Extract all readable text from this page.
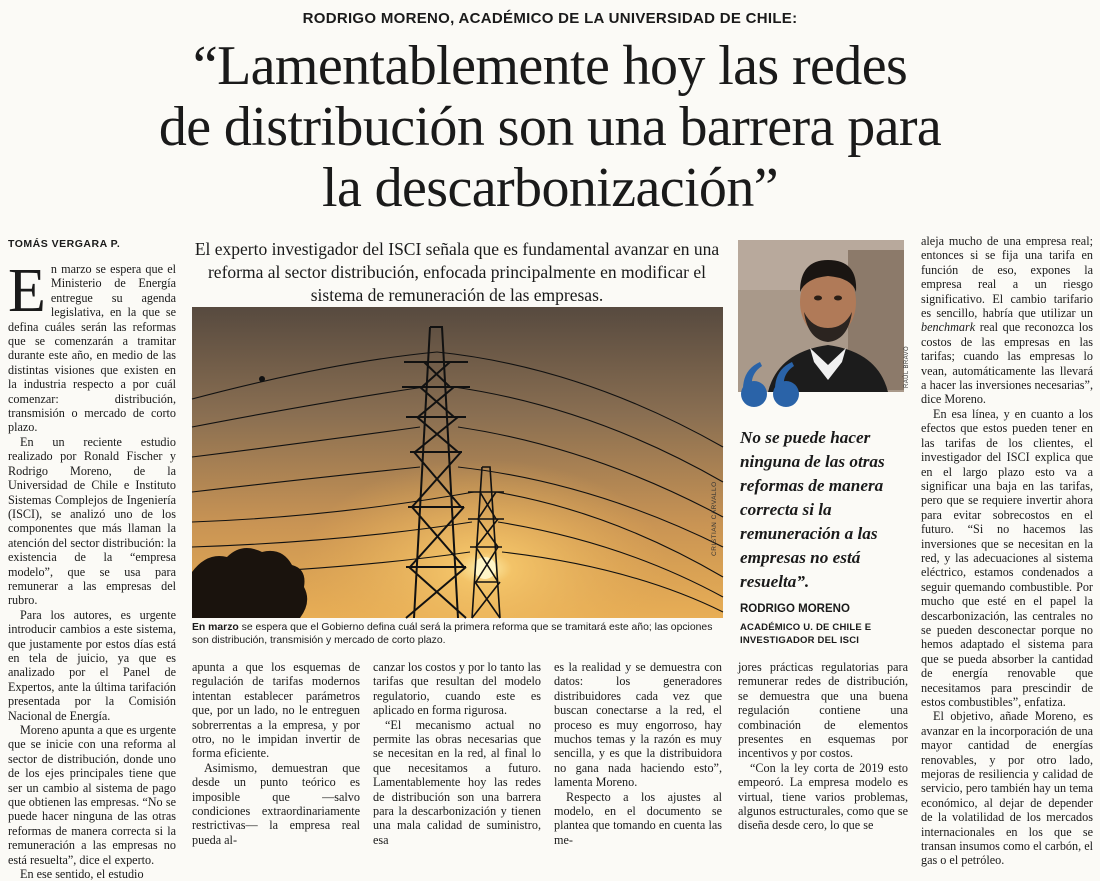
RODRIGO MORENO, ACADÉMICO DE LA UNIVERSIDAD DE CHILE:
“Lamentablemente hoy las redes
de distribución son una barrera para
la descarbonización”
TOMÁS VERGARA P.	El experto investigador del ISCI señala que es fundamental avanzar en una reforma al sector distribución, enfocada principalmente en modificar el sistema de remuneración de las empresas.

En marzo se espera que el Ministerio de Energía entregue su agenda legislativa, en la que se defina cuáles serán las reformas que se comenzarán a tramitar durante este año, en medio de las distintas visiones que existen en la industria respecto a por cuál comenzar: distribución, transmisión o mercado de corto plazo.

En un reciente estudio realizado por Ronald Fischer y Rodrigo Moreno, de la Universidad de Chile e Instituto Sistemas Complejos de Ingeniería (ISCI), se analizó uno de los componentes que más llaman la atención del sector distribución: la existencia de la “empresa modelo”, que se usa para remunerar a las empresas del rubro.

Para los autores, es urgente introducir cambios a este sistema, que justamente por estos días está en tela de juicio, ya que es analizado por el Panel de Expertos, ante la última tarifación presentada por la Comisión Nacional de Energía.

Moreno apunta a que es urgente que se inicie con una reforma al sector de distribución, donde uno de los ejes principales tiene que ser un cambio al sistema de pago que obtienen las empresas. “No se puede hacer ninguna de las otras reformas de manera correcta si la remuneración a las empresas no está resuelta”, dice el experto.

En ese sentido, el estudio

CRISTIAN CARVALLO
En marzo se espera que el Gobierno defina cuál será la primera reforma que se tramitará este año; las opciones son distribución, transmisión y mercado de corto plazo.

apunta a que los esquemas de regulación de tarifas modernos intentan establecer parámetros que, por un lado, no le entreguen sobrerrentas a la empresa, y por otro, no le impidan invertir de forma eficiente.

Asimismo, demuestran que desde un punto teórico es imposible que —salvo condiciones extraordinariamente restrictivas— la empresa real pueda al-

canzar los costos y por lo tanto las tarifas que resultan del modelo regulatorio, cuando este es aplicado en forma rigurosa.

“El mecanismo actual no permite las obras necesarias que se necesitan en la red, al final lo que necesitamos a futuro. Lamentablemente hoy las redes de distribución son una barrera para la descarbonización y tienen una mala calidad de suministro, esa

es la realidad y se demuestra con datos: los generadores distribuidores cada vez que buscan conectarse a la red, el proceso es muy engorroso, hay muchos temas y la razón es muy sencilla, y es que la distribuidora no gana nada haciendo esto”, lamenta Moreno.

Respecto a los ajustes al modelo, en el documento se plantea que tomando en cuenta las me-

jores prácticas regulatorias para remunerar redes de distribución, se demuestra que una buena regulación contiene una combinación de elementos presentes en esquemas por incentivos y por costos.

“Con la ley corta de 2019 esto empeoró. La empresa modelo es virtual, tiene varios problemas, algunos estructurales, como que se diseña desde cero, lo que se

RAÚL BRAVO
No se puede hacer ninguna de las otras reformas de manera correcta si la remuneración a las empresas no está resuelta”.
RODRIGO MORENO
ACADÉMICO U. DE CHILE E INVESTIGADOR DEL ISCI

aleja mucho de una empresa real; entonces si se fija una tarifa en función de eso, expones la empresa real a un riesgo significativo. El cambio tarifario es sencillo, habría que utilizar un benchmark real que reconozca los costos de las empresas en las tarifas; cuando las empresas lo vean, automáticamente las llevará a hacer las inversiones necesarias”, dice Moreno.

En esa línea, y en cuanto a los efectos que estos pueden tener en las tarifas de los clientes, el investigador del ISCI explica que en el largo plazo esto va a significar una baja en las tarifas, pero que se requiere invertir ahora para evitar sobrecostos en el futuro. “Si no hacemos las inversiones que se necesitan en la red, y las adecuaciones al sistema eléctrico, estamos condenados a seguir quemando combustible. Por mucho que esté en el papel la descarbonización, las centrales no se pueden desconectar porque no hemos adaptado el sistema para que se pueda absorber la cantidad de energía renovable que necesitamos para prescindir de estos combustibles”, enfatiza.

El objetivo, añade Moreno, es avanzar en la incorporación de una mayor cantidad de energías renovables, y por otro lado, mejoras de resiliencia y calidad de servicio, pero también hay un tema económico, al dejar de depender de la volatilidad de los mercados internacionales en los que se transan insumos como el carbón, el gas o el petróleo.
